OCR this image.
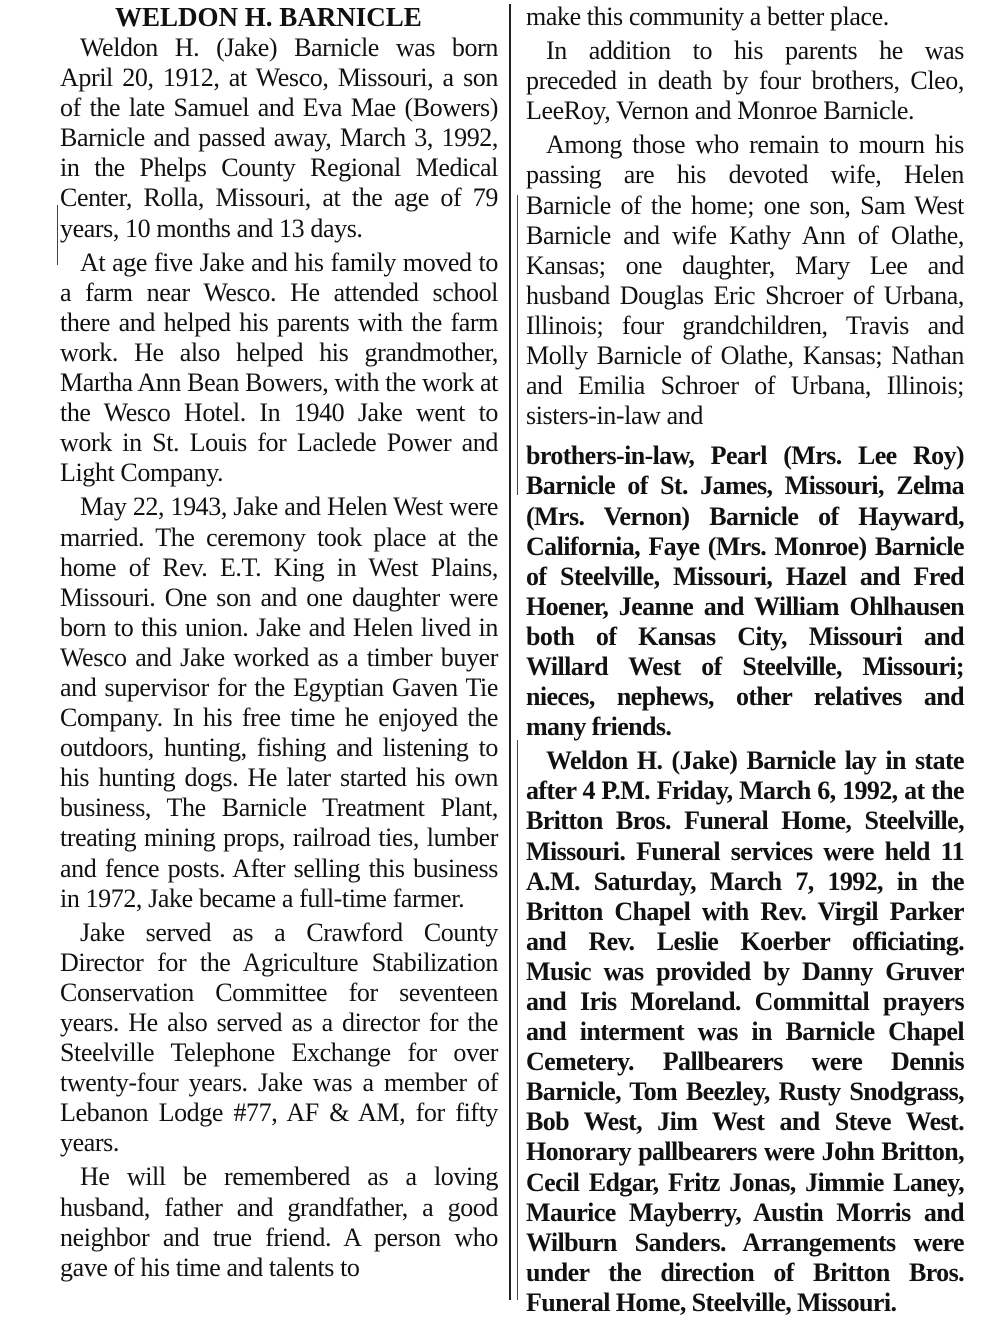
WELDON H. BARNICLE

Weldon H. (Jake) Barnicle was born April 20, 1912, at Wesco, Missouri, a son of the late Samuel and Eva Mae (Bowers) Barnicle and passed away, March 3, 1992, in the Phelps County Regional Medical Center, Rolla, Missouri, at the age of 79 years, 10 months and 13 days.

At age five Jake and his family moved to a farm near Wesco. He attended school there and helped his parents with the farm work. He also helped his grandmother, Martha Ann Bean Bowers, with the work at the Wesco Hotel. In 1940 Jake went to work in St. Louis for Laclede Power and Light Company.

May 22, 1943, Jake and Helen West were married. The ceremony took place at the home of Rev. E.T. King in West Plains, Missouri. One son and one daughter were born to this union. Jake and Helen lived in Wesco and Jake worked as a timber buyer and supervisor for the Egyptian Gaven Tie Company. In his free time he enjoyed the outdoors, hunting, fishing and listening to his hunting dogs. He later started his own business, The Barnicle Treatment Plant, treating mining props, railroad ties, lumber and fence posts. After selling this business in 1972, Jake became a full-time farmer.

Jake served as a Crawford County Director for the Agriculture Stabilization Conservation Committee for seventeen years. He also served as a director for the Steelville Telephone Exchange for over twenty-four years. Jake was a member of Lebanon Lodge #77, AF & AM, for fifty years.

He will be remembered as a loving husband, father and grandfather, a good neighbor and true friend. A person who gave of his time and talents to

make this community a better place.

In addition to his parents he was preceded in death by four brothers, Cleo, LeeRoy, Vernon and Monroe Barnicle.

Among those who remain to mourn his passing are his devoted wife, Helen Barnicle of the home; one son, Sam West Barnicle and wife Kathy Ann of Olathe, Kansas; one daughter, Mary Lee and husband Douglas Eric Shcroer of Urbana, Illinois; four grandchildren, Travis and Molly Barnicle of Olathe, Kansas; Nathan and Emilia Schroer of Urbana, Illinois; sisters-in-law and

brothers-in-law, Pearl (Mrs. Lee Roy) Barnicle of St. James, Missouri, Zelma (Mrs. Vernon) Barnicle of Hayward, California, Faye (Mrs. Monroe) Barnicle of Steelville, Missouri, Hazel and Fred Hoener, Jeanne and William Ohlhausen both of Kansas City, Missouri and Willard West of Steelville, Missouri; nieces, nephews, other relatives and many friends.

Weldon H. (Jake) Barnicle lay in state after 4 P.M. Friday, March 6, 1992, at the Britton Bros. Funeral Home, Steelville, Missouri. Funeral services were held 11 A.M. Saturday, March 7, 1992, in the Britton Chapel with Rev. Virgil Parker and Rev. Leslie Koerber officiating. Music was provided by Danny Gruver and Iris Moreland. Committal prayers and interment was in Barnicle Chapel Cemetery. Pallbearers were Dennis Barnicle, Tom Beezley, Rusty Snodgrass, Bob West, Jim West and Steve West. Honorary pallbearers were John Britton, Cecil Edgar, Fritz Jonas, Jimmie Laney, Maurice Mayberry, Austin Morris and Wilburn Sanders. Arrangements were under the direction of Britton Bros. Funeral Home, Steelville, Missouri.
